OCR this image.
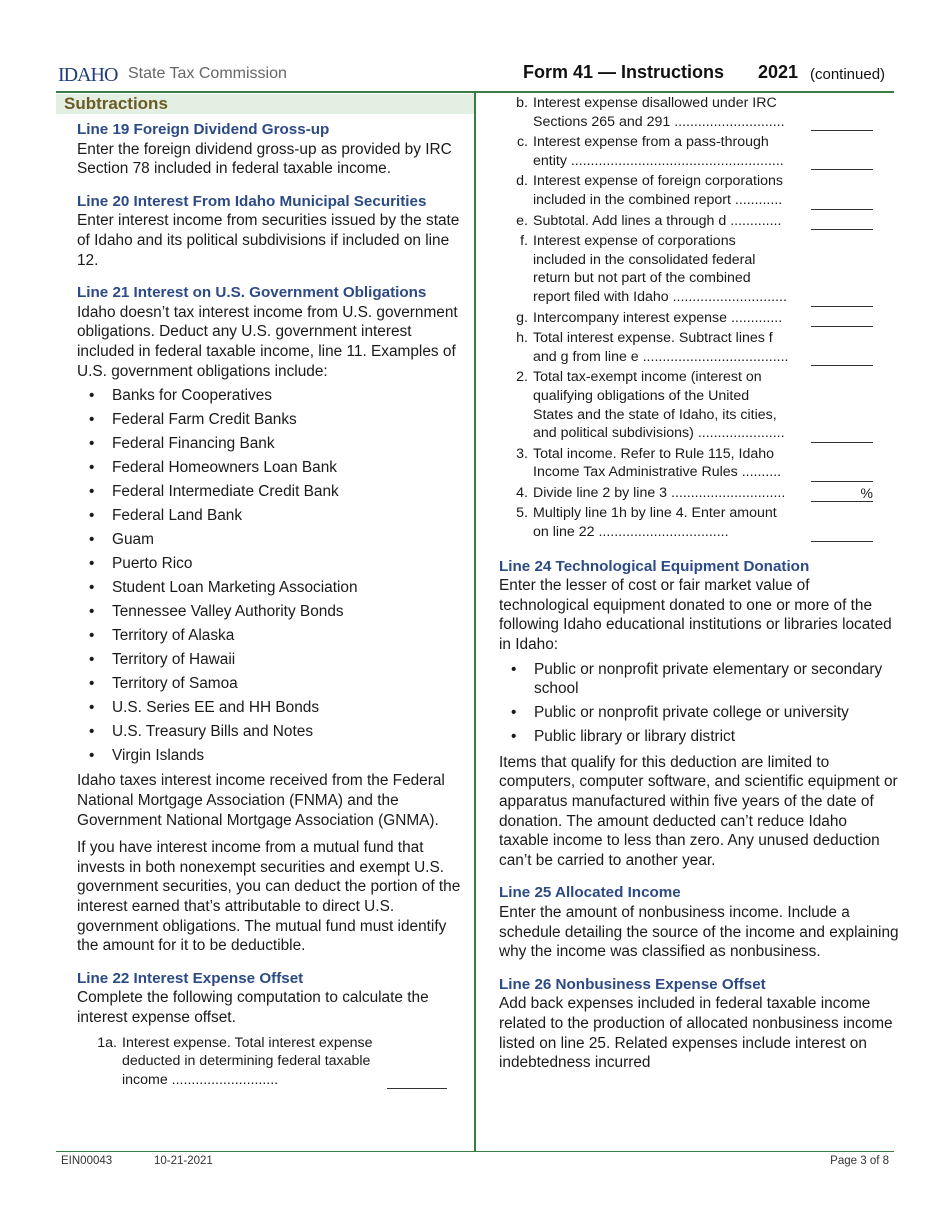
IDAHO State Tax Commission	Form 41 — Instructions 2021 (continued)
Subtractions
Line 19 Foreign Dividend Gross-up

Enter the foreign dividend gross-up as provided by IRC Section 78 included in federal taxable income.

Line 20 Interest From Idaho Municipal Securities

Enter interest income from securities issued by the state of Idaho and its political subdivisions if included on line 12.

Line 21 Interest on U.S. Government Obligations

Idaho doesn’t tax interest income from U.S. government obligations. Deduct any U.S. government interest included in federal taxable income, line 11. Examples of U.S. government obligations include:

• Banks for Cooperatives
• Federal Farm Credit Banks
• Federal Financing Bank
• Federal Homeowners Loan Bank
• Federal Intermediate Credit Bank
• Federal Land Bank
• Guam
• Puerto Rico
• Student Loan Marketing Association
• Tennessee Valley Authority Bonds
• Territory of Alaska
• Territory of Hawaii
• Territory of Samoa
• U.S. Series EE and HH Bonds
• U.S. Treasury Bills and Notes
• Virgin Islands

Idaho taxes interest income received from the Federal National Mortgage Association (FNMA) and the Government National Mortgage Association (GNMA).

If you have interest income from a mutual fund that invests in both nonexempt securities and exempt U.S. government securities, you can deduct the portion of the interest earned that’s attributable to direct U.S. government obligations. The mutual fund must identify the amount for it to be deductible.

Line 22 Interest Expense Offset

Complete the following computation to calculate the interest expense offset.

1a. Interest expense. Total interest expense deducted in determining federal taxable income ...........................
b. Interest expense disallowed under IRC Sections 265 and 291 ............................
c. Interest expense from a pass-through entity ......................................................
d. Interest expense of foreign corporations included in the combined report ............
e. Subtotal. Add lines a through d .............
f. Interest expense of corporations included in the consolidated federal return but not part of the combined report filed with Idaho .............................
g. Intercompany interest expense .............
h. Total interest expense. Subtract lines f and g from line e .....................................
2. Total tax-exempt income (interest on qualifying obligations of the United States and the state of Idaho, its cities, and political subdivisions) ......................
3. Total income. Refer to Rule 115, Idaho Income Tax Administrative Rules ..........
4. Divide line 2 by line 3 .............................	%
5. Multiply line 1h by line 4. Enter amount on line 22 .................................
Line 24 Technological Equipment Donation

Enter the lesser of cost or fair market value of technological equipment donated to one or more of the following Idaho educational institutions or libraries located in Idaho:

• Public or nonprofit private elementary or secondary school
• Public or nonprofit private college or university
• Public library or library district

Items that qualify for this deduction are limited to computers, computer software, and scientific equipment or apparatus manufactured within five years of the date of donation. The amount deducted can’t reduce Idaho taxable income to less than zero. Any unused deduction can’t be carried to another year.

Line 25 Allocated Income

Enter the amount of nonbusiness income. Include a schedule detailing the source of the income and explaining why the income was classified as nonbusiness.

Line 26 Nonbusiness Expense Offset

Add back expenses included in federal taxable income related to the production of allocated nonbusiness income listed on line 25. Related expenses include interest on indebtedness incurred

EIN00043	10-21-2021	Page 3 of 8
